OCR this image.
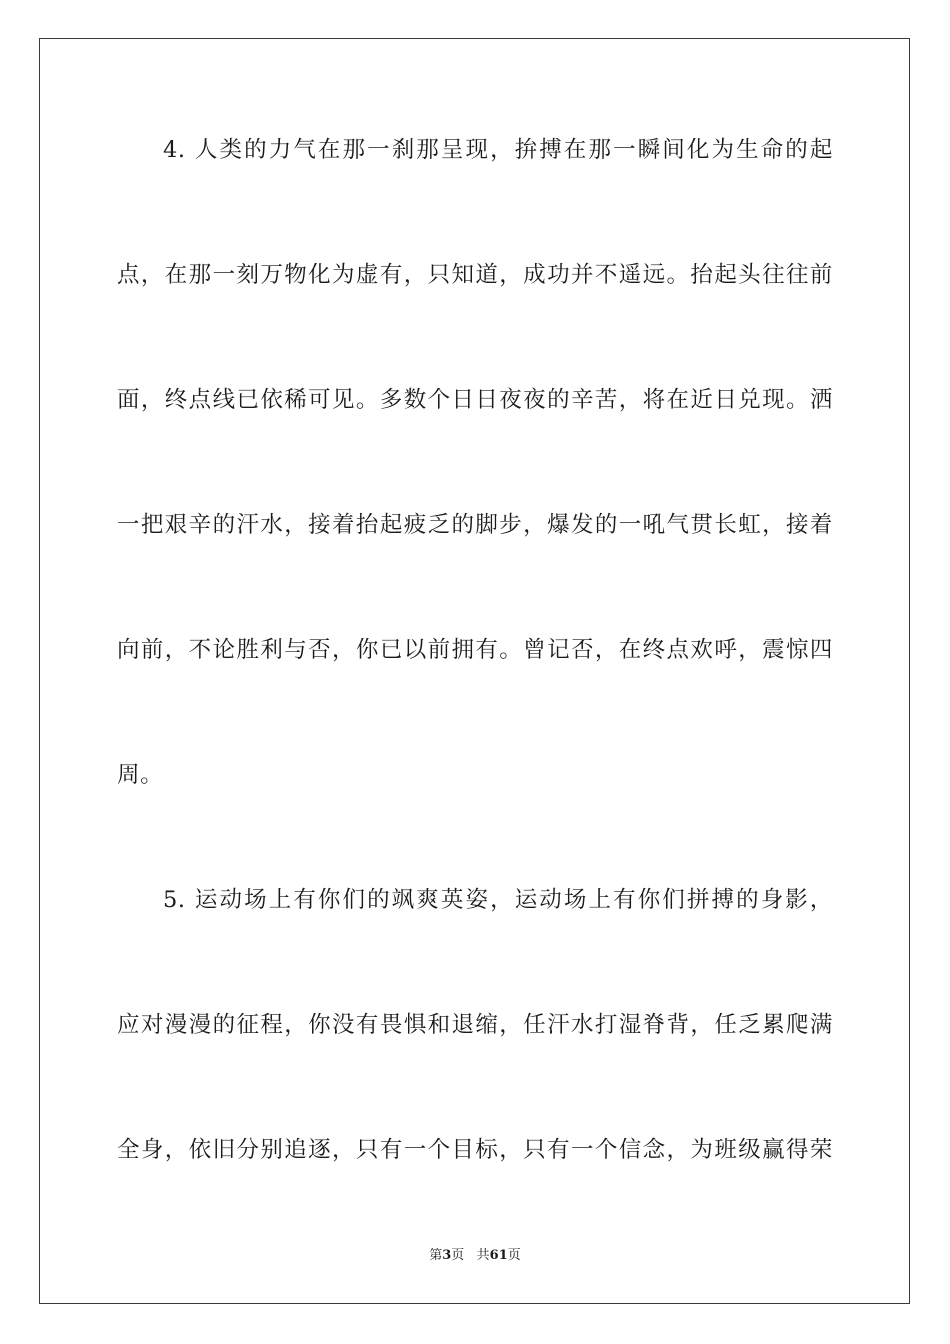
4. 人类的力气在那一刹那呈现，拚搏在那一瞬间化为生命的起
点，在那一刻万物化为虚有，只知道，成功并不遥远。抬起头往往前
面，终点线已依稀可见。多数个日日夜夜的辛苦，将在近日兑现。洒
一把艰辛的汗水，接着抬起疲乏的脚步，爆发的一吼气贯长虹，接着
向前，不论胜利与否，你已以前拥有。曾记否，在终点欢呼，震惊四
周。
5. 运动场上有你们的飒爽英姿，运动场上有你们拼搏的身影，
应对漫漫的征程，你没有畏惧和退缩，任汗水打湿脊背，任乏累爬满
全身，依旧分别追逐，只有一个目标，只有一个信念，为班级赢得荣
第3页   共61页
